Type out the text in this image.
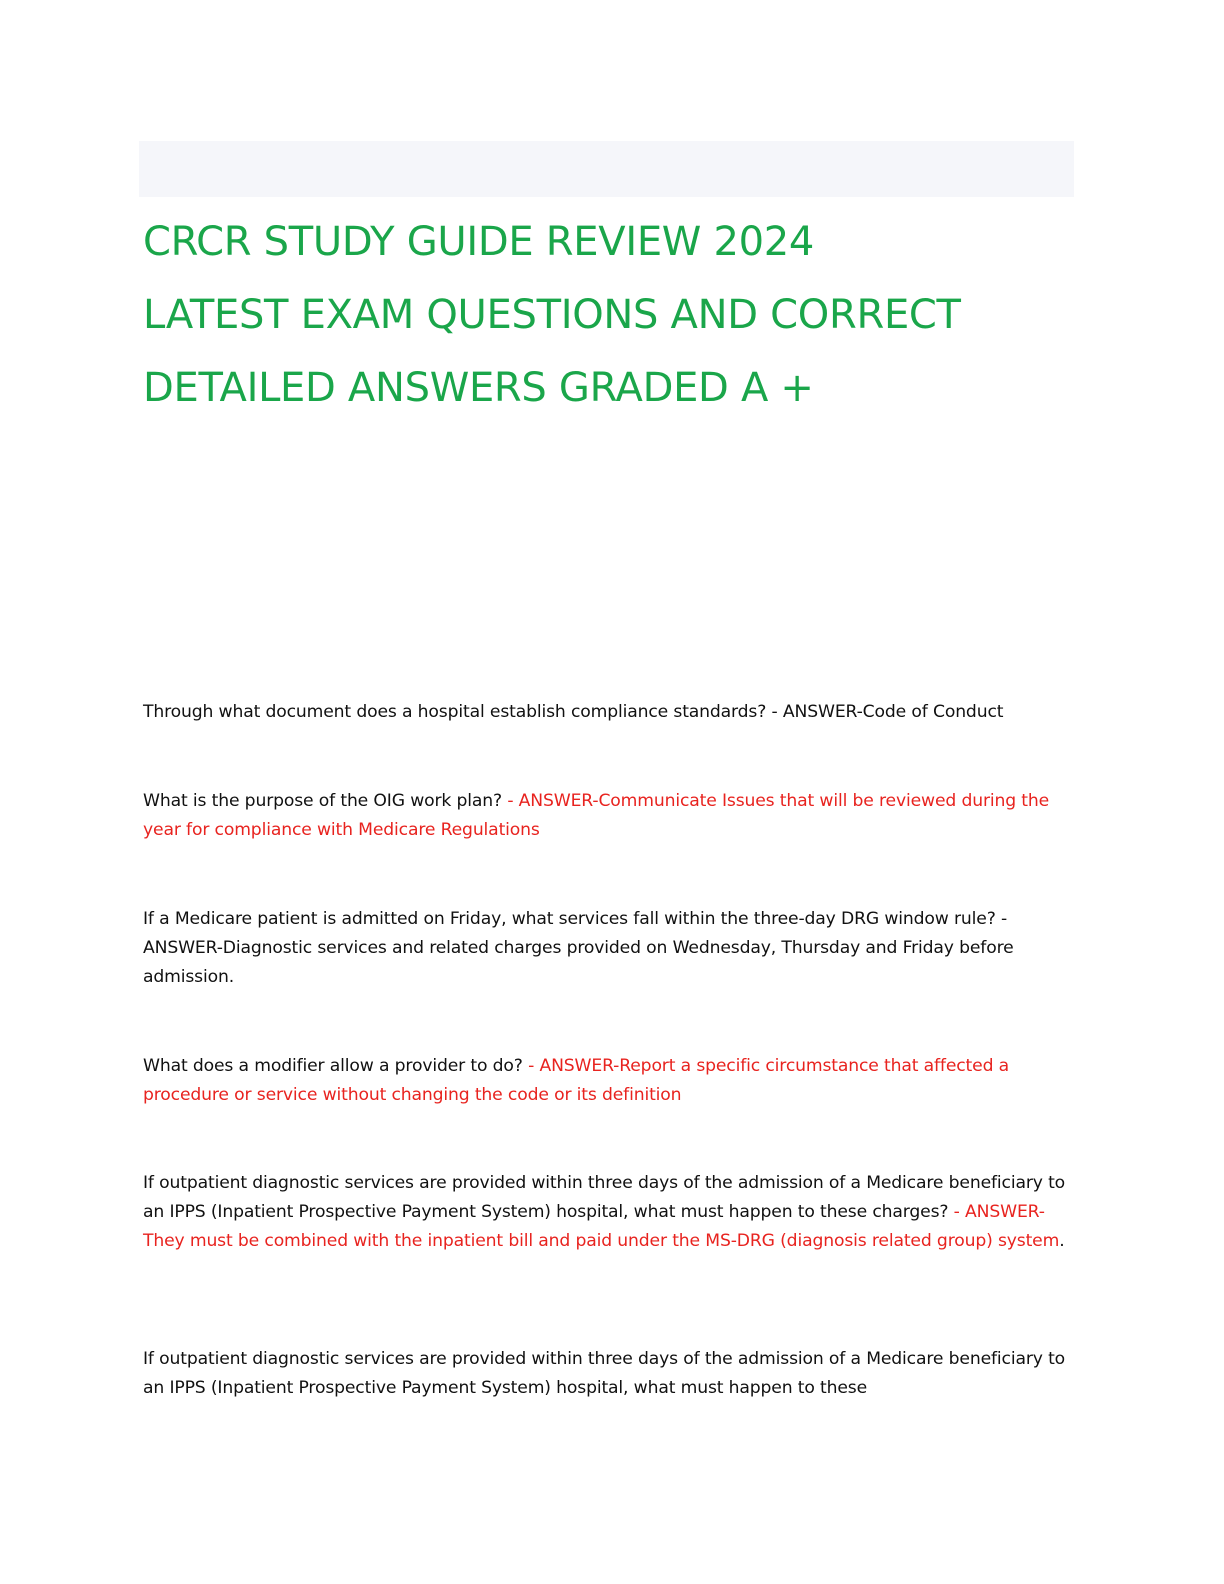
CRCR STUDY GUIDE REVIEW 2024
LATEST EXAM QUESTIONS AND CORRECT
DETAILED ANSWERS GRADED A +

Through what document does a hospital establish compliance standards? - ANSWER-Code of Conduct

What is the purpose of the OIG work plan? - ANSWER-Communicate Issues that will be reviewed during the year for compliance with Medicare Regulations

If a Medicare patient is admitted on Friday, what services fall within the three-day DRG window rule? - ANSWER-Diagnostic services and related charges provided on Wednesday, Thursday and Friday before admission.

What does a modifier allow a provider to do? - ANSWER-Report a specific circumstance that affected a procedure or service without changing the code or its definition

If outpatient diagnostic services are provided within three days of the admission of a Medicare beneficiary to an IPPS (Inpatient Prospective Payment System) hospital, what must happen to these charges? - ANSWER-They must be combined with the inpatient bill and paid under the MS-DRG (diagnosis related group) system.

If outpatient diagnostic services are provided within three days of the admission of a Medicare beneficiary to an IPPS (Inpatient Prospective Payment System) hospital, what must happen to these
